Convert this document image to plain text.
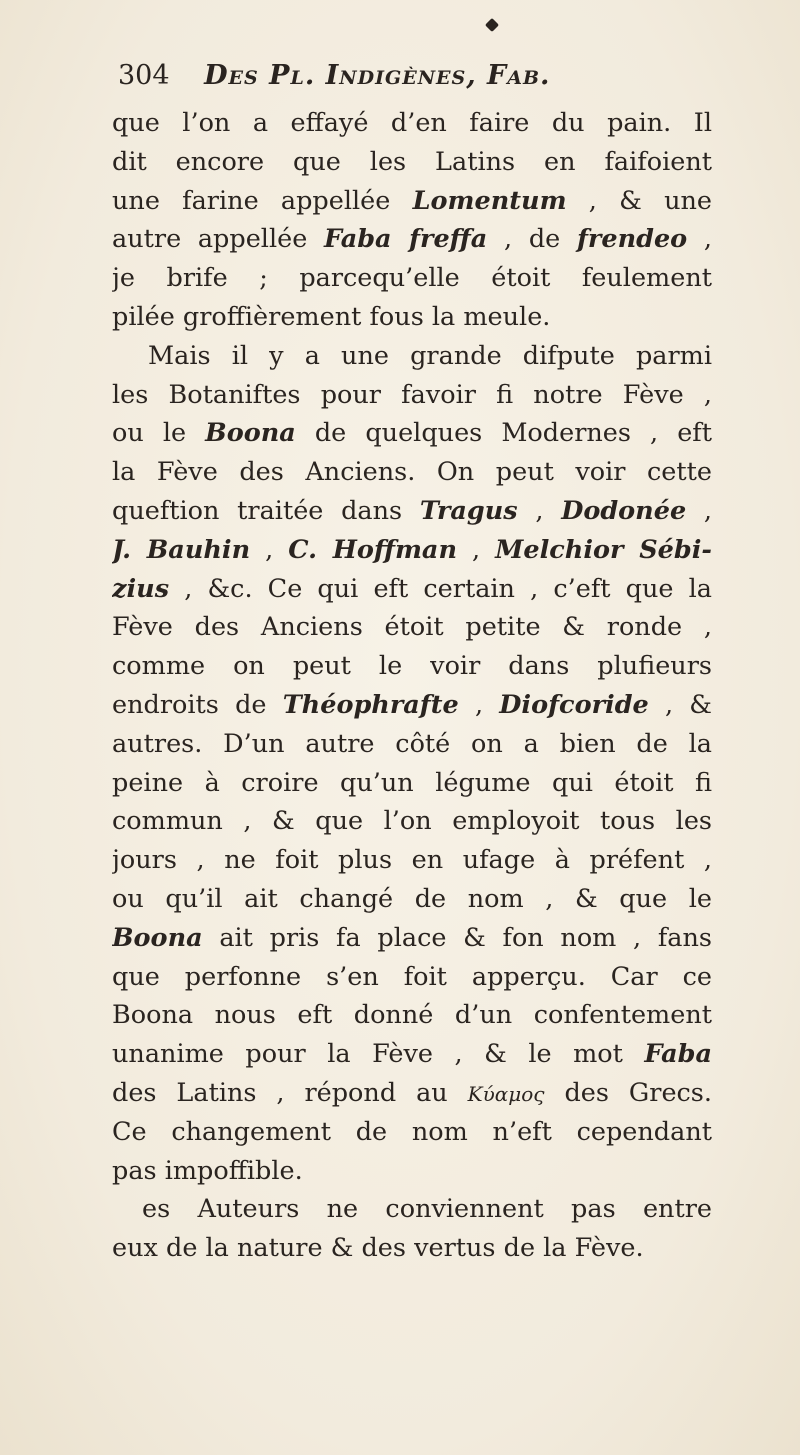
304 Des Pl. Indigènes, Fab.
que l’on a effayé d’en faire du pain. Il
dit encore que les Latins en faifoient
une farine appellée Lomentum , & une
autre appellée Faba freffa , de frendeo ,
je brife ; parcequ’elle étoit feulement
pilée groffièrement fous la meule.
Mais il y a une grande difpute parmi
les Botaniftes pour favoir fi notre Fève ,
ou le Boona de quelques Modernes , eft
la Fève des Anciens. On peut voir cette
queftion traitée dans Tragus , Dodonée ,
J. Bauhin , C. Hoffman , Melchior Sébi-
zius , &c. Ce qui eft certain , c’eft que la
Fève des Anciens étoit petite & ronde ,
comme on peut le voir dans plufieurs
endroits de Théophrafte , Diofcoride , &
autres. D’un autre côté on a bien de la
peine à croire qu’un légume qui étoit fi
commun , & que l’on employoit tous les
jours , ne foit plus en ufage à préfent ,
ou qu’il ait changé de nom , & que le
Boona ait pris fa place & fon nom , fans
que perfonne s’en foit apperçu. Car ce
Boona nous eft donné d’un confentement
unanime pour la Fève , & le mot Faba
des Latins , répond au Κύαμος des Grecs.
Ce changement de nom n’eft cependant
pas impoffible.
es Auteurs ne conviennent pas entre
eux de la nature & des vertus de la Fève.
